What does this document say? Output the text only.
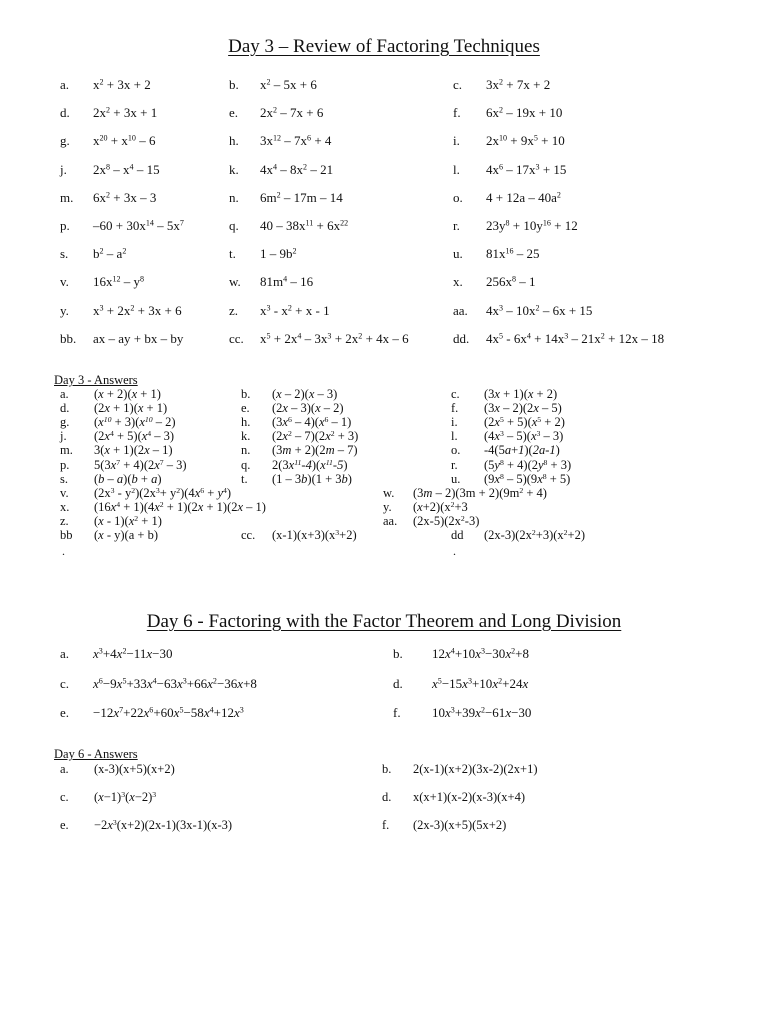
Day 3 – Review of Factoring Techniques
a. $x^2 + 3x + 2$	b. $x^2 - 5x + 6$	c. $3x^2 + 7x + 2$
d. $2x^2 + 3x + 1$	e. $2x^2 - 7x + 6$	f. $6x^2 - 19x + 10$
g. $x^{20} + x^{10} - 6$	h. $3x^{12} - 7x^6 + 4$	i. $2x^{10} + 9x^5 + 10$
j. $2x^8 - x^4 - 15$	k. $4x^4 - 8x^2 - 21$	l. $4x^6 - 17x^3 + 15$
m. $6x^2 + 3x - 3$	n. $6m^2 - 17m - 14$	o. $4 + 12a - 40a^2$
p. $-60 + 30x^{14} - 5x^7$	q. $40 - 38x^{11} + 6x^{22}$	r. $23y^8 + 10y^{16} + 12$
s. $b^2 - a^2$	t. $1 - 9b^2$	u. $81x^{16} - 25$
v. $16x^{12} - y^8$	w. $81m^4 - 16$	x. $256x^8 - 1$
y. $x^3 + 2x^2 + 3x + 6$	z. $x^3 - x^2 + x - 1$	aa. $4x^3 - 10x^2 - 6x + 15$
bb. ax – ay + bx – by	cc. $x^5 + 2x^4 - 3x^3 + 2x^2 + 4x - 6$	dd. $4x^5 - 6x^4 + 14x^3 - 21x^2 + 12x - 18$
Day 3 - Answers
a. (x + 2)(x + 1)	b. (x – 2)(x – 3)	c. (3x + 1)(x + 2)
d. (2x + 1)(x + 1)	e. (2x – 3)(x – 2)	f. (3x – 2)(2x – 5)
g. $(x^{10} + 3)(x^{10} - 2)$	h. $(3x^6 - 4)(x^6 - 1)$	i. $(2x^5 + 5)(x^5 + 2)$
j. $(2x^4 + 5)(x^4 - 3)$	k. $(2x^2 - 7)(2x^2 + 3)$	l. $(4x^3 - 5)(x^3 - 3)$
m. 3(x + 1)(2x – 1)	n. (3m + 2)(2m – 7)	o. -4(5a+1)(2a-1)
p. $5(3x^7 + 4)(2x^7 - 3)$	q. $2(3x^{11}-4)(x^{11}-5)$	r. $(5y^8 + 4)(2y^8 + 3)$
s. (b – a)(b + a)	t. (1 – 3b)(1 + 3b)	u. $(9x^8 - 5)(9x^8 + 5)$
v. $(2x^3 - y^2)(2x^3+ y^2)(4x^6 + y^4)$	w. $(3m - 2)(3m + 2)(9m^2 + 4)$
x. $(16x^4 + 1)(4x^2 + 1)(2x + 1)(2x - 1)$	y. $(x+2)(x^2+3$
z. $(x - 1)(x^2 + 1)$	aa. $(2x-5)(2x^2-3)$
bb (x - y)(a + b)	cc. $(x-1)(x+3)(x^3+2)$	dd $(2x-3)(2x^2+3)(x^2+2)$
.	.
Day 6 - Factoring with the Factor Theorem and Long Division
a. $x^3+4x^2-11x-30$	b. $12x^4+10x^3-30x^2+8$
c. $x^6-9x^5+33x^4-63x^3+66x^2-36x+8$	d. $x^5-15x^3+10x^2+24x$
e. $-12x^7+22x^6+60x^5-58x^4+12x^3$	f. $10x^3+39x^2-61x-30$
Day 6 - Answers
a. (x-3)(x+5)(x+2)	b. 2(x-1)(x+2)(3x-2)(2x+1)
c. $(x-1)^3(x-2)^3$	d. x(x+1)(x-2)(x-3)(x+4)
e. $-2x^3(x+2)(2x-1)(3x-1)(x-3)$	f. (2x-3)(x+5)(5x+2)
